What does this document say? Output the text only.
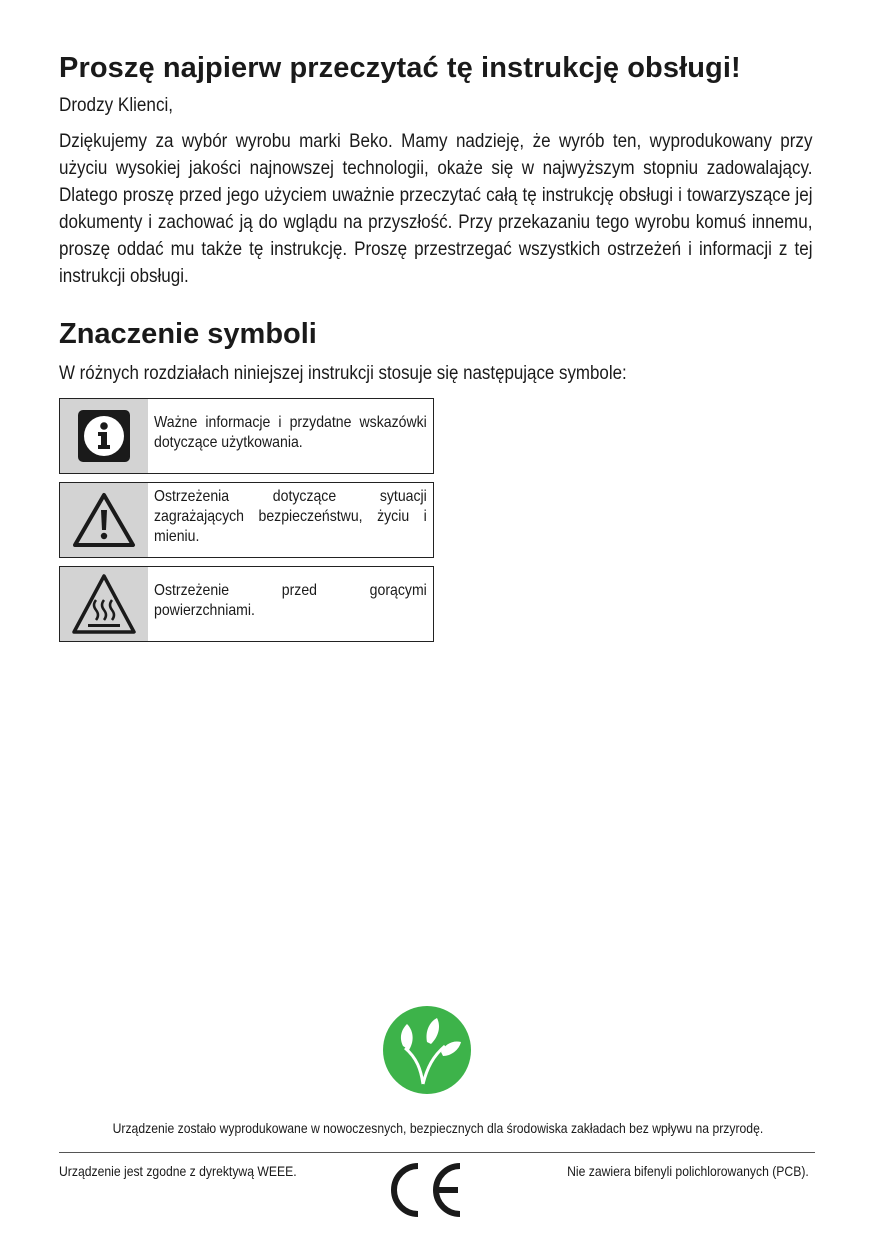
Proszę najpierw przeczytać tę instrukcję obsługi!

Drodzy Klienci,

Dziękujemy za wybór wyrobu marki Beko. Mamy nadzieję, że wyrób ten, wyprodukowany przy użyciu wysokiej jakości najnowszej technologii, okaże się w najwyższym stopniu zadowalający. Dlatego proszę przed jego użyciem uważnie przeczytać całą tę instrukcję obsługi i towarzyszące jej dokumenty i zachować ją do wglądu na przyszłość. Przy przekazaniu tego wyrobu komuś innemu, proszę oddać mu także tę instrukcję. Proszę przestrzegać wszystkich ostrzeżeń i informacji z tej instrukcji obsługi.

Znaczenie symboli

W różnych rozdziałach niniejszej instrukcji stosuje się następujące symbole:

Ważne informacje i przydatne wskazówki dotyczące użytkowania.
Ostrzeżenia dotyczące sytuacji zagrażających bezpieczeństwu, życiu i mieniu.
Ostrzeżenie przed gorącymi powierzchniami.
Urządzenie zostało wyprodukowane w nowoczesnych, bezpiecznych dla środowiska zakładach bez wpływu na przyrodę.
Urządzenie jest zgodne z dyrektywą WEEE.	Nie zawiera bifenyli polichlorowanych (PCB).
